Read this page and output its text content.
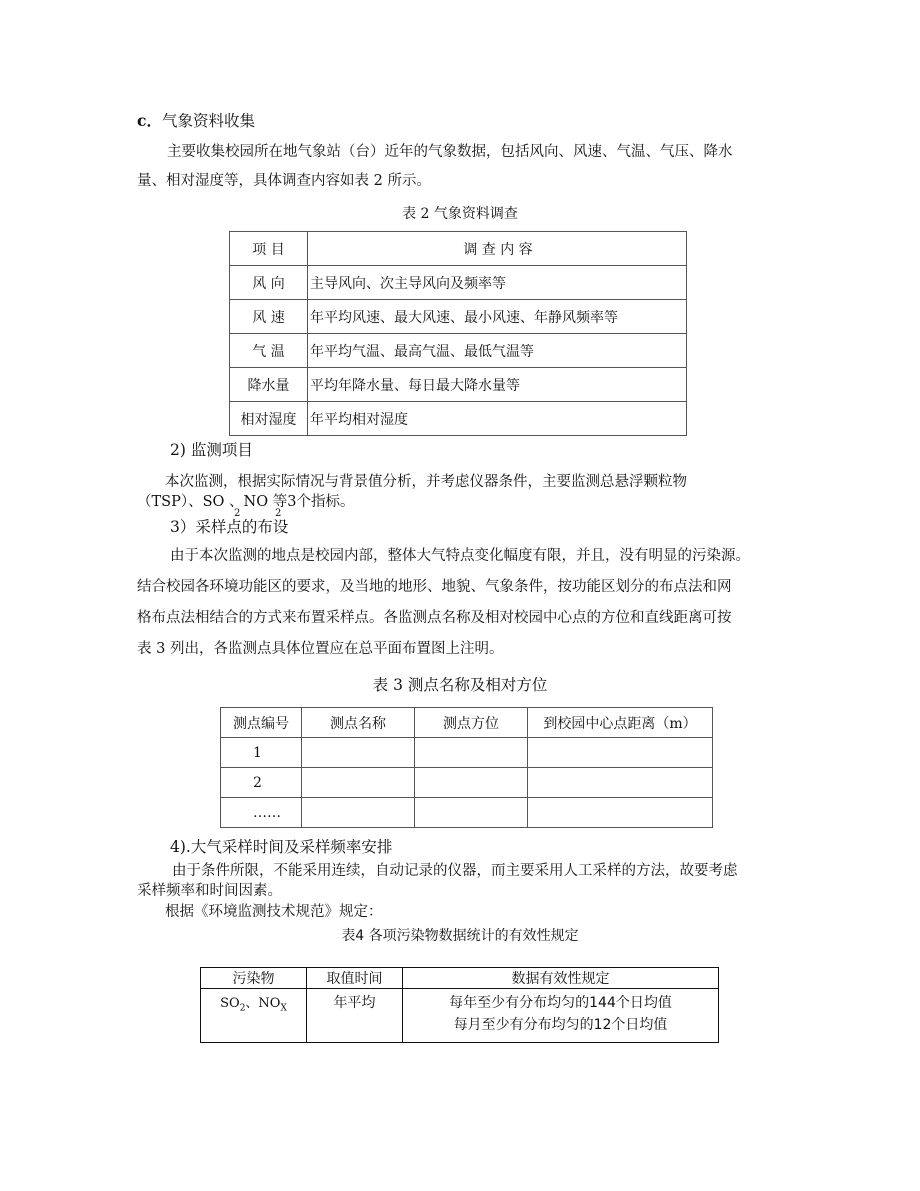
c．气象资料收集
主要收集校园所在地气象站（台）近年的气象数据，包括风向、风速、气温、气压、降水
量、相对湿度等，具体调查内容如表 2 所示。
表 2 气象资料调查
项 目	调 查 内 容
风 向	主导风向、次主导风向及频率等
风 速	年平均风速、最大风速、最小风速、年静风频率等
气 温	年平均气温、最高气温、最低气温等
降水量	平均年降水量、每日最大降水量等
相对湿度	年平均相对湿度
2) 监测项目
本次监测，根据实际情况与背景值分析，并考虑仪器条件，主要监测总悬浮颗粒物
（TSP）、SO 、NO 等3个指标。
2	2
3）采样点的布设
由于本次监测的地点是校园内部，整体大气特点变化幅度有限，并且，没有明显的污染源。
结合校园各环境功能区的要求，及当地的地形、地貌、气象条件，按功能区划分的布点法和网
格布点法相结合的方式来布置采样点。各监测点名称及相对校园中心点的方位和直线距离可按
表 3 列出，各监测点具体位置应在总平面布置图上注明。
表 3 测点名称及相对方位
测点编号	测点名称	测点方位	到校园中心点距离（m）
1			
2			
……			
4).大气采样时间及采样频率安排
由于条件所限，不能采用连续，自动记录的仪器，而主要采用人工采样的方法，故要考虑
采样频率和时间因素。
根据《环境监测技术规范》规定：
表4 各项污染物数据统计的有效性规定
污染物	取值时间	数据有效性规定
$SO_2$、$NO_X$	年平均	每年至少有分布均匀的144个日均值
每月至少有分布均匀的12个日均值
